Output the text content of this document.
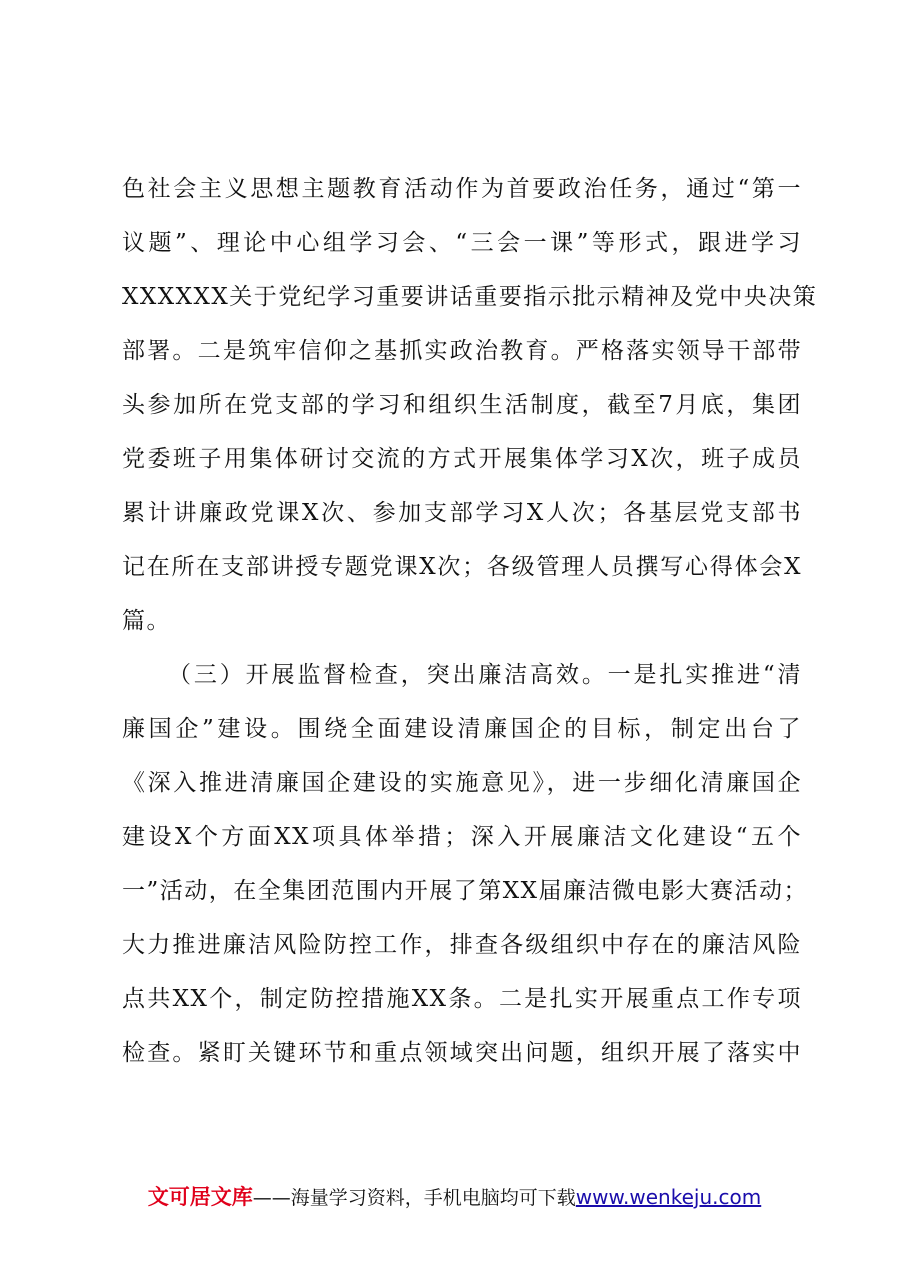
色社会主义思想主题教育活动作为首要政治任务，通过“第一
议题”、理论中心组学习会、“三会一课”等形式，跟进学习
XXXXXX关于党纪学习重要讲话重要指示批示精神及党中央决策
部署。二是筑牢信仰之基抓实政治教育。严格落实领导干部带
头参加所在党支部的学习和组织生活制度，截至7月底，集团
党委班子用集体研讨交流的方式开展集体学习X次，班子成员
累计讲廉政党课X次、参加支部学习X人次；各基层党支部书
记在所在支部讲授专题党课X次；各级管理人员撰写心得体会X
篇。
（三）开展监督检查，突出廉洁高效。一是扎实推进“清
廉国企”建设。围绕全面建设清廉国企的目标，制定出台了
《深入推进清廉国企建设的实施意见》，进一步细化清廉国企
建设X个方面XX项具体举措；深入开展廉洁文化建设“五个
一”活动，在全集团范围内开展了第XX届廉洁微电影大赛活动；
大力推进廉洁风险防控工作，排查各级组织中存在的廉洁风险
点共XX个，制定防控措施XX条。二是扎实开展重点工作专项
检查。紧盯关键环节和重点领域突出问题，组织开展了落实中
文可居文库——海量学习资料，手机电脑均可下载www.wenkeju.com
